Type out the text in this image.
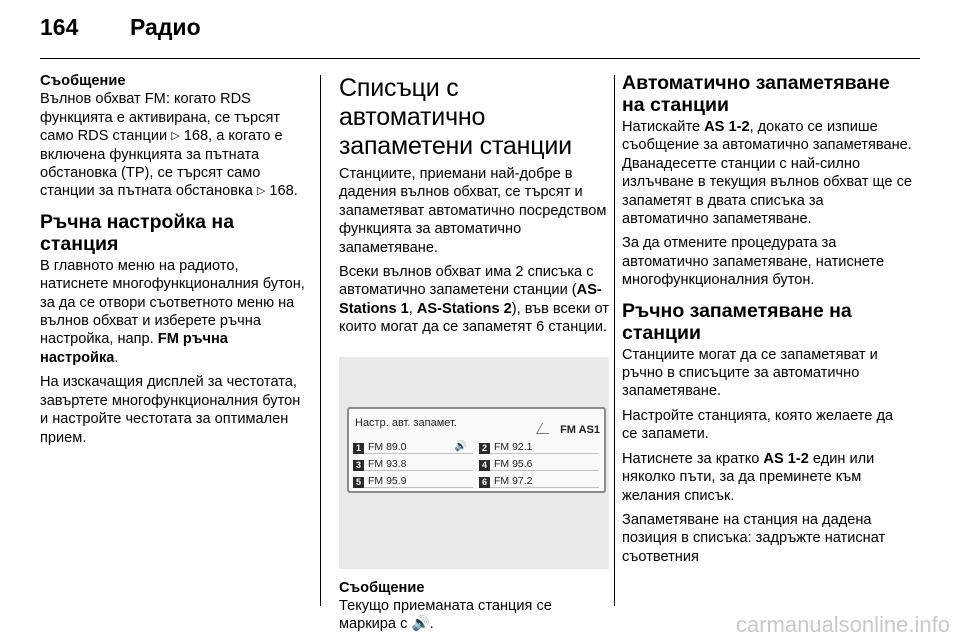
164 Радио
Съобщение

Вълнов обхват FM: когато RDS функцията е активирана, се търсят само RDS станции ▷ 168, а когато е включена функцията за пътната обстановка (TP), се търсят само станции за пътната обстановка ▷ 168.

Ръчна настройка на станция

В главното меню на радиото, натиснете многофункционалния бутон, за да се отвори съответното меню на вълнов обхват и изберете ръчна настройка, напр. FM ръчна настройка.

На изскачащия дисплей за честотата, завъртете многофункционалния бутон и настройте честотата за оптимален прием.

Списъци с автоматично запаметени станции

Станциите, приемани най-добре в дадения вълнов обхват, се търсят и запаметяват автоматично посредством функцията за автоматично запаметяване.

Всеки вълнов обхват има 2 списъка с автоматично запаметени станции (AS-Stations 1, AS-Stations 2), във всеки от които могат да се запаметят 6 станции.

Настр. авт. запамет.
FM AS1
1 FM 89.0	🔊	2 FM 92.1
3 FM 93.8	4 FM 95.6
5 FM 95.9	6 FM 97.2
Съобщение
Текущо приеманата станция се маркира с 🔊.
Автоматично запаметяване на станции

Натискайте AS 1-2, докато се изпише съобщение за автоматично запаметяване. Дванадесетте станции с най-силно излъчване в текущия вълнов обхват ще се запаметят в двата списъка за автоматично запаметяване.

За да отмените процедурата за автоматично запаметяване, натиснете многофункционалния бутон.

Ръчно запаметяване на станции

Станциите могат да се запаметяват и ръчно в списъците за автоматично запаметяване.

Настройте станцията, която желаете да се запамети.

Натиснете за кратко AS 1-2 един или няколко пъти, за да преминете към желания списък.

Запаметяване на станция на дадена позиция в списъка: задръжте натиснат съответния

carmanualsonline.info
